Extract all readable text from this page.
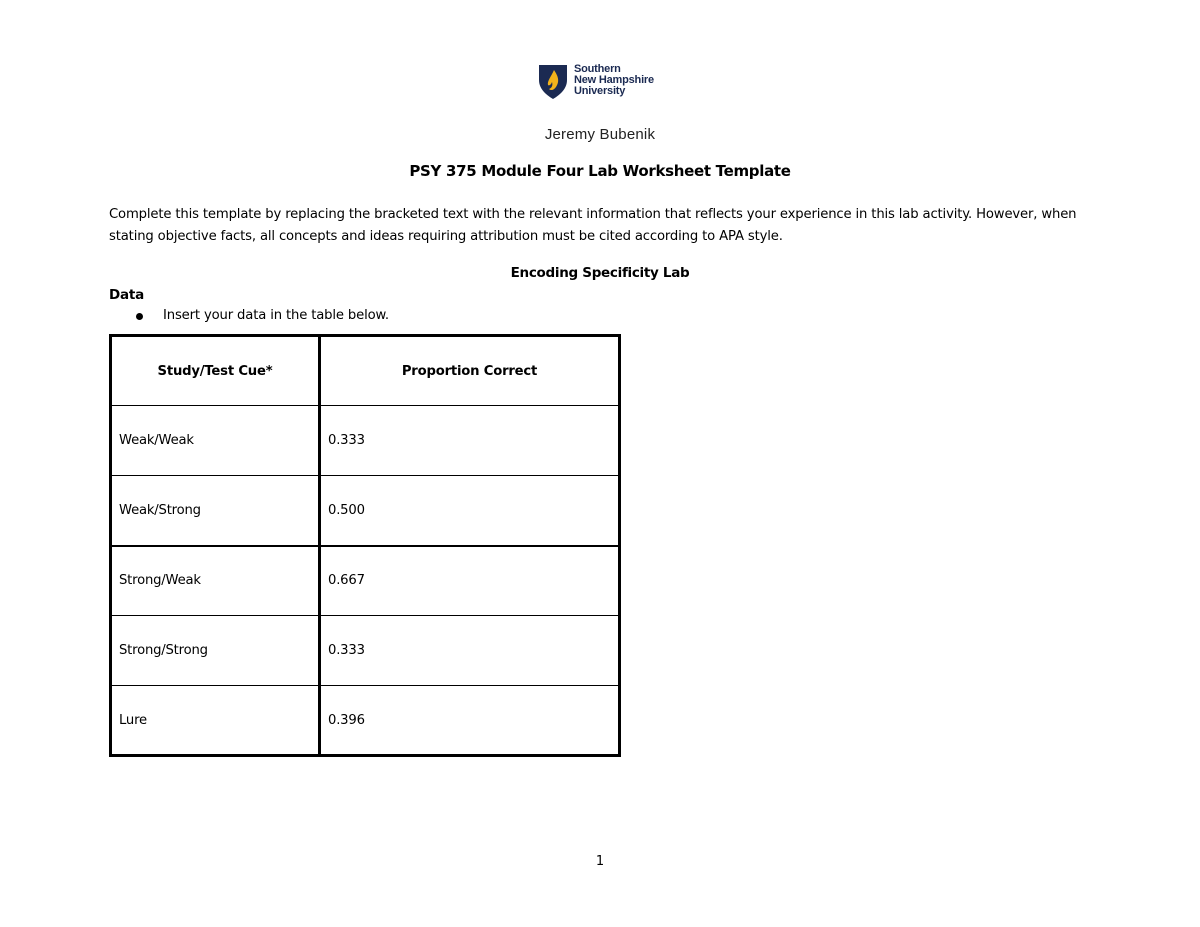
Southern
New Hampshire
University
Jeremy Bubenik
PSY 375 Module Four Lab Worksheet Template
Complete this template by replacing the bracketed text with the relevant information that reflects your experience in this lab activity. However, when stating objective facts, all concepts and ideas requiring attribution must be cited according to APA style.
Encoding Specificity Lab
Data
Insert your data in the table below.
Study/Test Cue*	Proportion Correct
Weak/Weak	0.333
Weak/Strong	0.500
Strong/Weak	0.667
Strong/Strong	0.333
Lure	0.396
1
